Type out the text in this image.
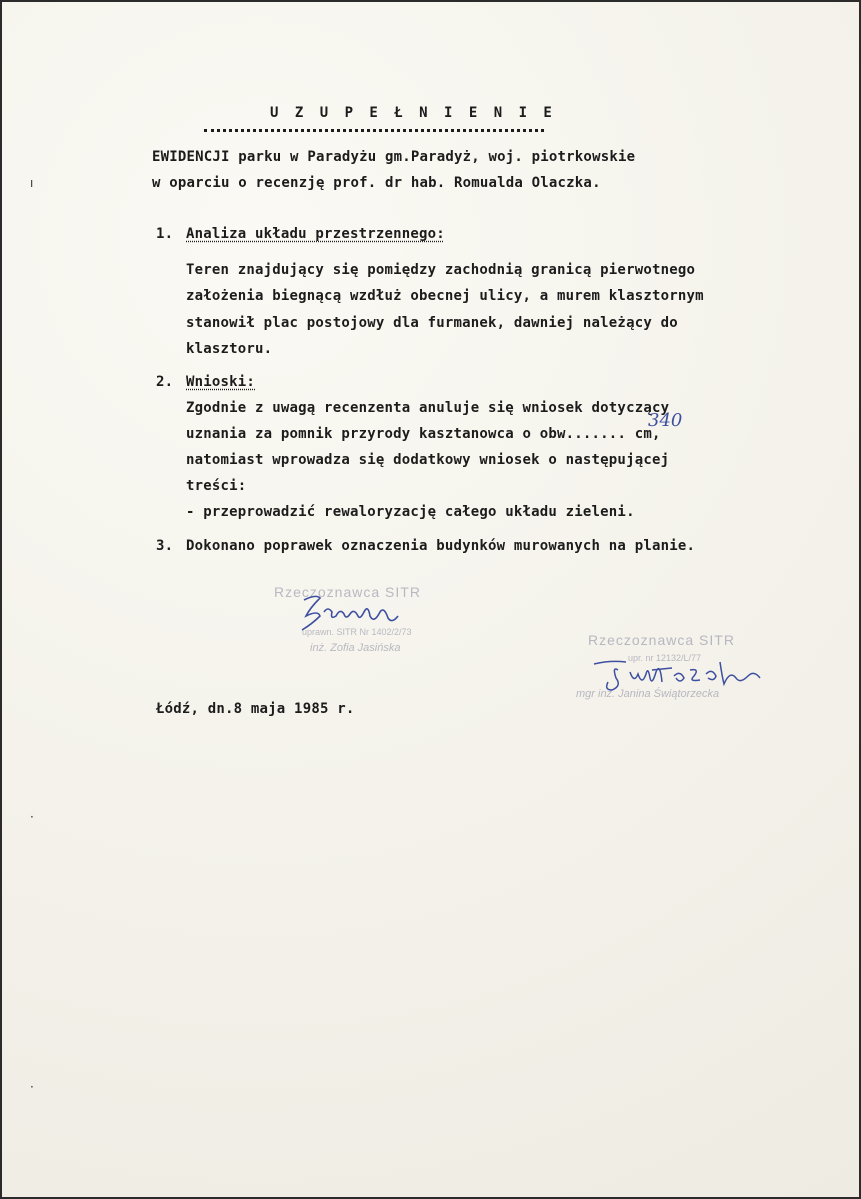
ı
U Z U P E Ł N I E N I E
EWIDENCJI parku w Paradyżu gm.Paradyż, woj. piotrkowskie
w oparciu o recenzję prof. dr hab. Romualda Olaczka.
1. Analiza układu przestrzennego:
Teren znajdujący się pomiędzy zachodnią granicą pierwotnego
założenia biegnącą wzdłuż obecnej ulicy, a murem klasztornym
stanowił plac postojowy dla furmanek, dawniej należący do
klasztoru.
2. Wnioski:
Zgodnie z uwagą recenzenta anuluje się wniosek dotyczący
uznania za pomnik przyrody kasztanowca o obw....... cm,
340
natomiast wprowadza się dodatkowy wniosek o następującej
treści:
- przeprowadzić rewaloryzację całego układu zieleni.
3. Dokonano poprawek oznaczenia budynków murowanych na planie.
Rzeczoznawca SITR
uprawn. SITR Nr 1402/2/73
inż. Zofia Jasińska	Rzeczoznawca SITR
upr. nr 12132/L/77
mgr inż. Janina Świątorzecka
Łódź, dn.8 maja 1985 r.
·
·
